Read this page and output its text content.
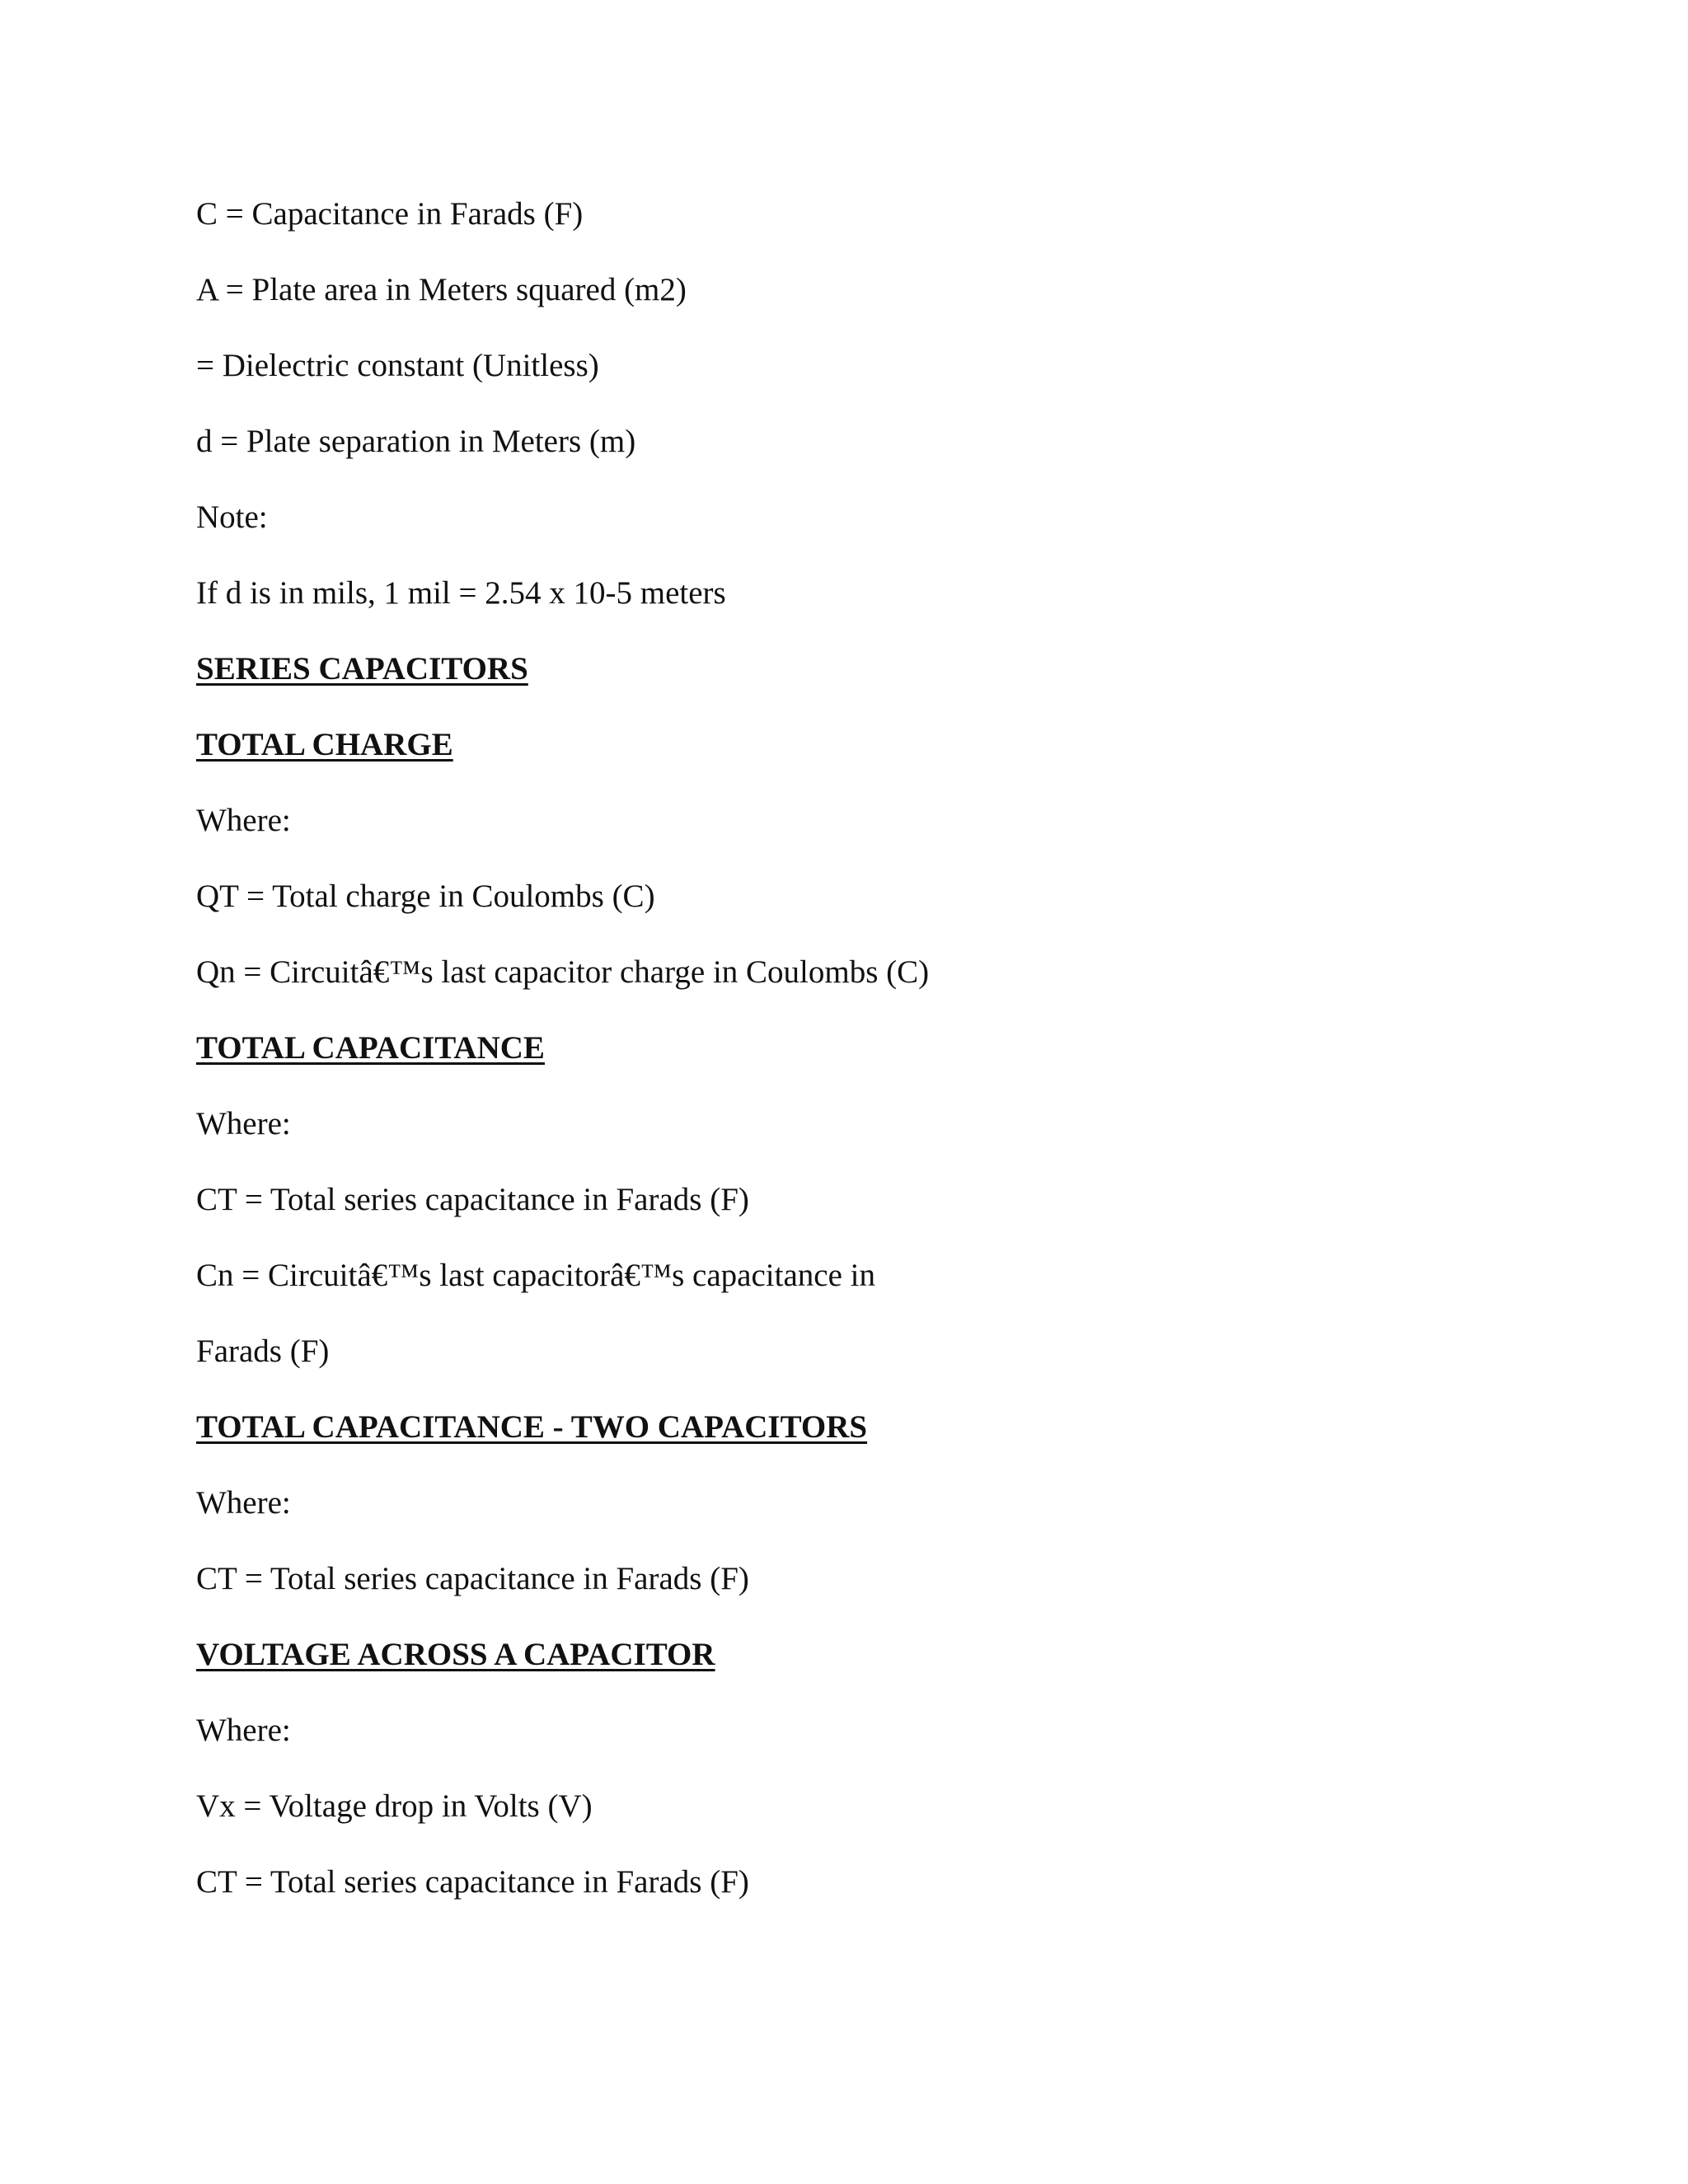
C = Capacitance in Farads (F)

A = Plate area in Meters squared (m2)

= Dielectric constant (Unitless)

d = Plate separation in Meters (m)

Note:

If d is in mils, 1 mil = 2.54 x 10-5 meters

SERIES CAPACITORS

TOTAL CHARGE

Where:

QT = Total charge in Coulombs (C)

Qn = Circuitâ€™s last capacitor charge in Coulombs (C)

TOTAL CAPACITANCE

Where:

CT = Total series capacitance in Farads (F)

Cn = Circuitâ€™s last capacitorâ€™s capacitance in

Farads (F)

TOTAL CAPACITANCE - TWO CAPACITORS

Where:

CT = Total series capacitance in Farads (F)

VOLTAGE ACROSS A CAPACITOR

Where:

Vx = Voltage drop in Volts (V)

CT = Total series capacitance in Farads (F)
